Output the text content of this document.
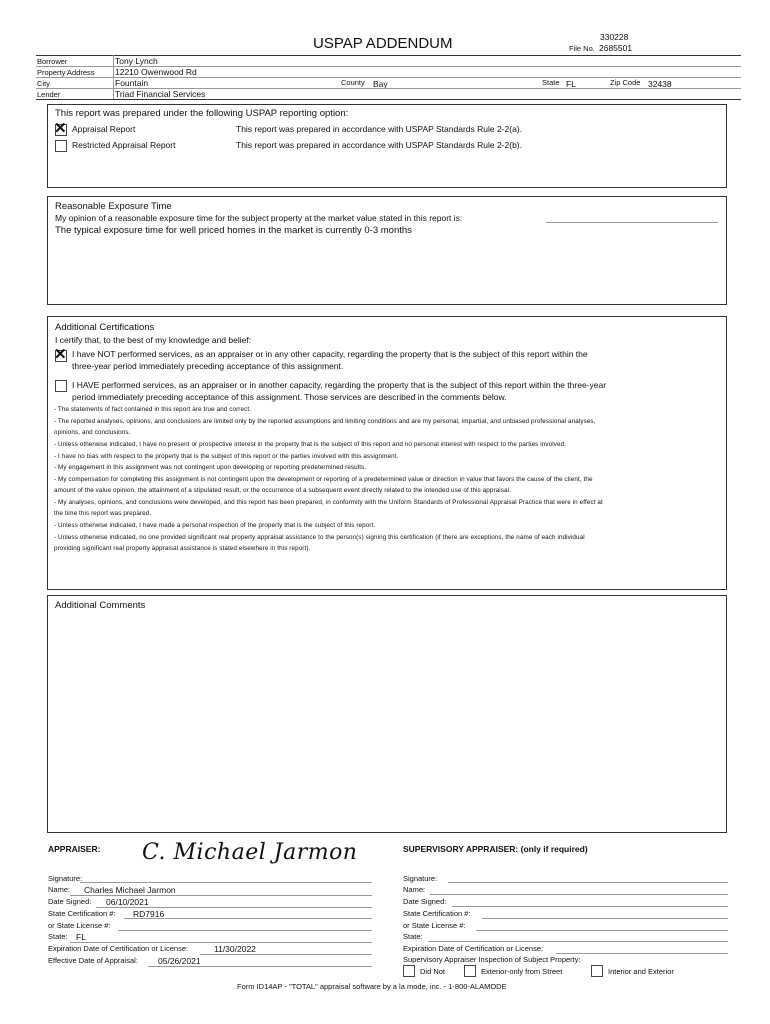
USPAP ADDENDUM	330228
File No. 2685501
Borrower	Tony Lynch
Property Address 12210 Owenwood Rd
City	Fountain	County Bay	State FL	Zip Code 32438
Lender	Triad Financial Services
This report was prepared under the following USPAP reporting option:
✕ Appraisal Report	This report was prepared in accordance with USPAP Standards Rule 2-2(a).
Restricted Appraisal Report	This report was prepared in accordance with USPAP Standards Rule 2-2(b).
Reasonable Exposure Time
My opinion of a reasonable exposure time for the subject property at the market value stated in this report is:
The typical exposure time for well priced homes in the market is currently 0-3 months
Additional Certifications
I certify that, to the best of my knowledge and belief:
✕ I have NOT performed services, as an appraiser or in any other capacity, regarding the property that is the subject of this report within the
three-year period immediately preceding acceptance of this assignment.
I HAVE performed services, as an appraiser or in another capacity, regarding the property that is the subject of this report within the three-year
period immediately preceding acceptance of this assignment. Those services are described in the comments below.
- The statements of fact contained in this report are true and correct.
- The reported analyses, opinions, and conclusions are limited only by the reported assumptions and limiting conditions and are my personal, impartial, and unbiased professional analyses,
opinions, and conclusions.
- Unless otherwise indicated, I have no present or prospective interest in the property that is the subject of this report and no personal interest with respect to the parties involved.
- I have no bias with respect to the property that is the subject of this report or the parties involved with this assignment.
- My engagement in this assignment was not contingent upon developing or reporting predetermined results.
- My compensation for completing this assignment is not contingent upon the development or reporting of a predetermined value or direction in value that favors the cause of the client, the
amount of the value opinion, the attainment of a stipulated result, or the occurrence of a subsequent event directly related to the intended use of this appraisal.
- My analyses, opinions, and conclusions were developed, and this report has been prepared, in conformity with the Uniform Standards of Professional Appraisal Practice that were in effect at
the time this report was prepared.
- Unless otherwise indicated, I have made a personal inspection of the property that is the subject of this report.
- Unless otherwise indicated, no one provided significant real property appraisal assistance to the person(s) signing this certification (if there are exceptions, the name of each individual
providing significant real property appraisal assistance is stated elsewhere in this report).
Additional Comments
APPRAISER: C. Michael Jarmon
Signature:
Name: Charles Michael Jarmon
Date Signed: 06/10/2021
State Certification #: RD7916
or State License #:
State: FL
Expiration Date of Certification or License:	11/30/2022
Effective Date of Appraisal: 05/26/2021
SUPERVISORY APPRAISER: (only if required)
Signature:
Name:
Date Signed:
State Certification #:
or State License #:
State:
Expiration Date of Certification or License:
Supervisory Appraiser Inspection of Subject Property:
Did Not	Exterior-only from Street	Interior and Exterior
Form ID14AP - "TOTAL" appraisal software by a la mode, inc. - 1-800-ALAMODE
